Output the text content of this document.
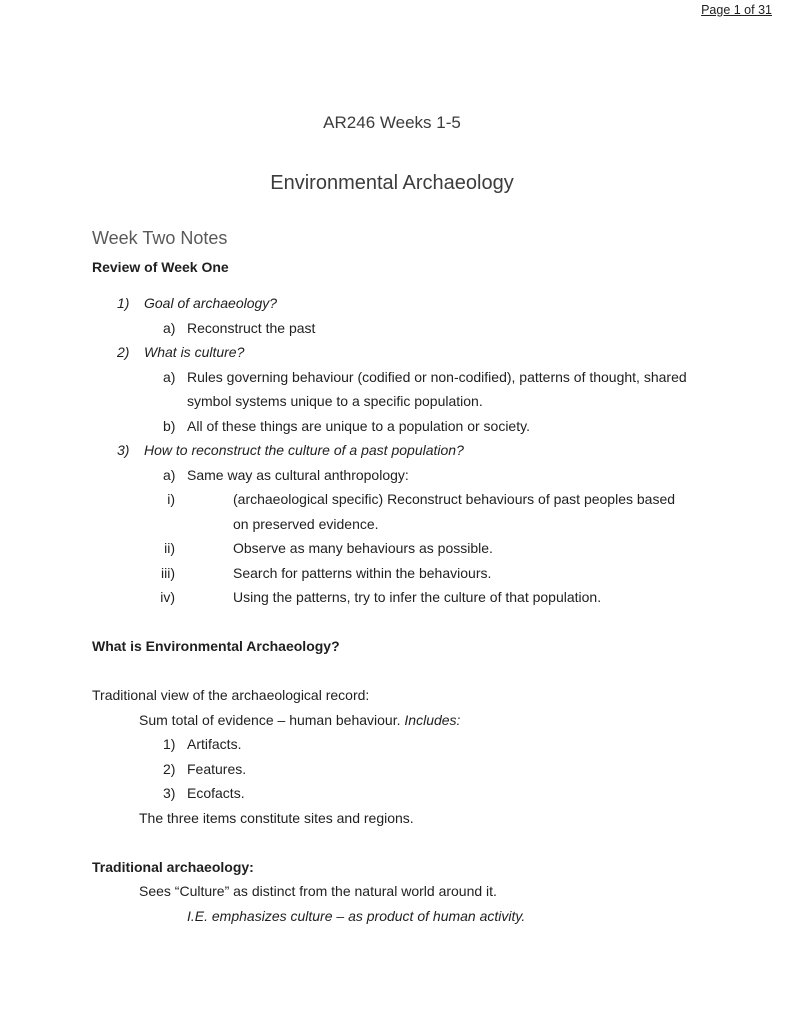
Page 1 of 31
AR246 Weeks 1-5
Environmental Archaeology
Week Two Notes
Review of Week One
1)	Goal of archaeology?
a) Reconstruct the past
2)	What is culture?
a) Rules governing behaviour (codified or non-codified), patterns of thought, shared symbol systems unique to a specific population.
b) All of these things are unique to a population or society.
3)	How to reconstruct the culture of a past population?
a) Same way as cultural anthropology:
i)	(archaeological specific) Reconstruct behaviours of past peoples based on preserved evidence.
ii)	Observe as many behaviours as possible.
iii)	Search for patterns within the behaviours.
iv)	Using the patterns, try to infer the culture of that population.
What is Environmental Archaeology?
Traditional view of the archaeological record:
Sum total of evidence – human behaviour. Includes:
1) Artifacts.
2) Features.
3) Ecofacts.
The three items constitute sites and regions.
Traditional archaeology:
Sees “Culture” as distinct from the natural world around it.
I.E. emphasizes culture – as product of human activity.
